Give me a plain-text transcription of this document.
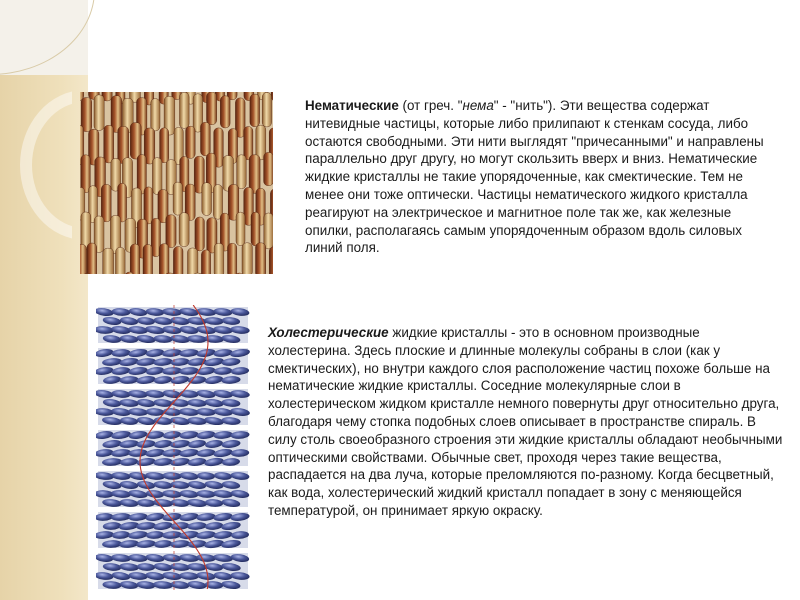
Нематические (от греч. "нема" - "нить"). Эти вещества содержат нитевидные частицы, которые либо прилипают к стенкам сосуда, либо остаются свободными. Эти нити выглядят "причесанными" и направлены параллельно друг другу, но могут скользить вверх и вниз. Нематические жидкие кристаллы не такие упорядоченные, как смектические. Тем не менее они тоже оптически. Частицы нематического жидкого кристалла реагируют на электрическое и магнитное поле так же, как железные опилки, располагаясь самым упорядоченным образом вдоль силовых линий поля.

Холестерические жидкие кристаллы - это в основном производные холестерина. Здесь плоские и длинные молекулы собраны в слои (как у смектических), но внутри каждого слоя расположение частиц похоже больше на нематические жидкие кристаллы. Соседние молекулярные слои в холестерическом жидком кристалле немного повернуты друг относительно друга, благодаря чему стопка подобных слоев описывает в пространстве спираль. В силу столь своеобразного строения эти жидкие кристаллы обладают необычными оптическими свойствами. Обычные свет, проходя через такие вещества, распадается на два луча, которые преломляются по-разному. Когда бесцветный, как вода, холестерический жидкий кристалл попадает в зону с меняющейся температурой, он принимает яркую окраску.
